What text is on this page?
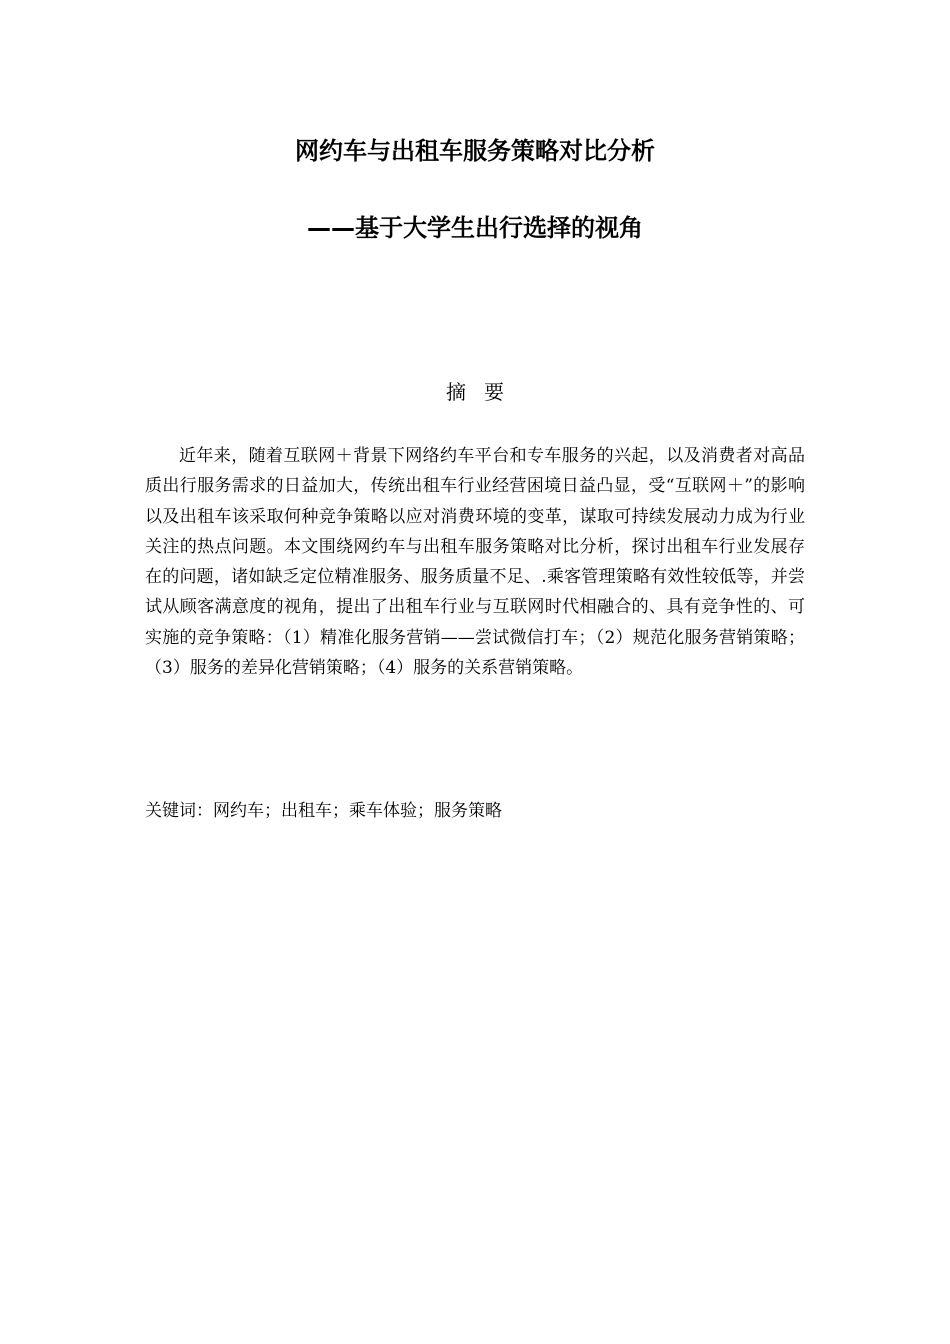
网约车与出租车服务策略对比分析
——基于大学生出行选择的视角
摘要

近年来，随着互联网＋背景下网络约车平台和专车服务的兴起，以及消费者对高品质出行服务需求的日益加大，传统出租车行业经营困境日益凸显，受“互联网＋”的影响以及出租车该采取何种竞争策略以应对消费环境的变革，谋取可持续发展动力成为行业关注的热点问题。本文围绕网约车与出租车服务策略对比分析，探讨出租车行业发展存在的问题，诸如缺乏定位精准服务、服务质量不足、.乘客管理策略有效性较低等，并尝试从顾客满意度的视角，提出了出租车行业与互联网时代相融合的、具有竞争性的、可实施的竞争策略：（1）精准化服务营销——尝试微信打车；（2）规范化服务营销策略；（3）服务的差异化营销策略；（4）服务的关系营销策略。

关键词：网约车；出租车；乘车体验；服务策略
